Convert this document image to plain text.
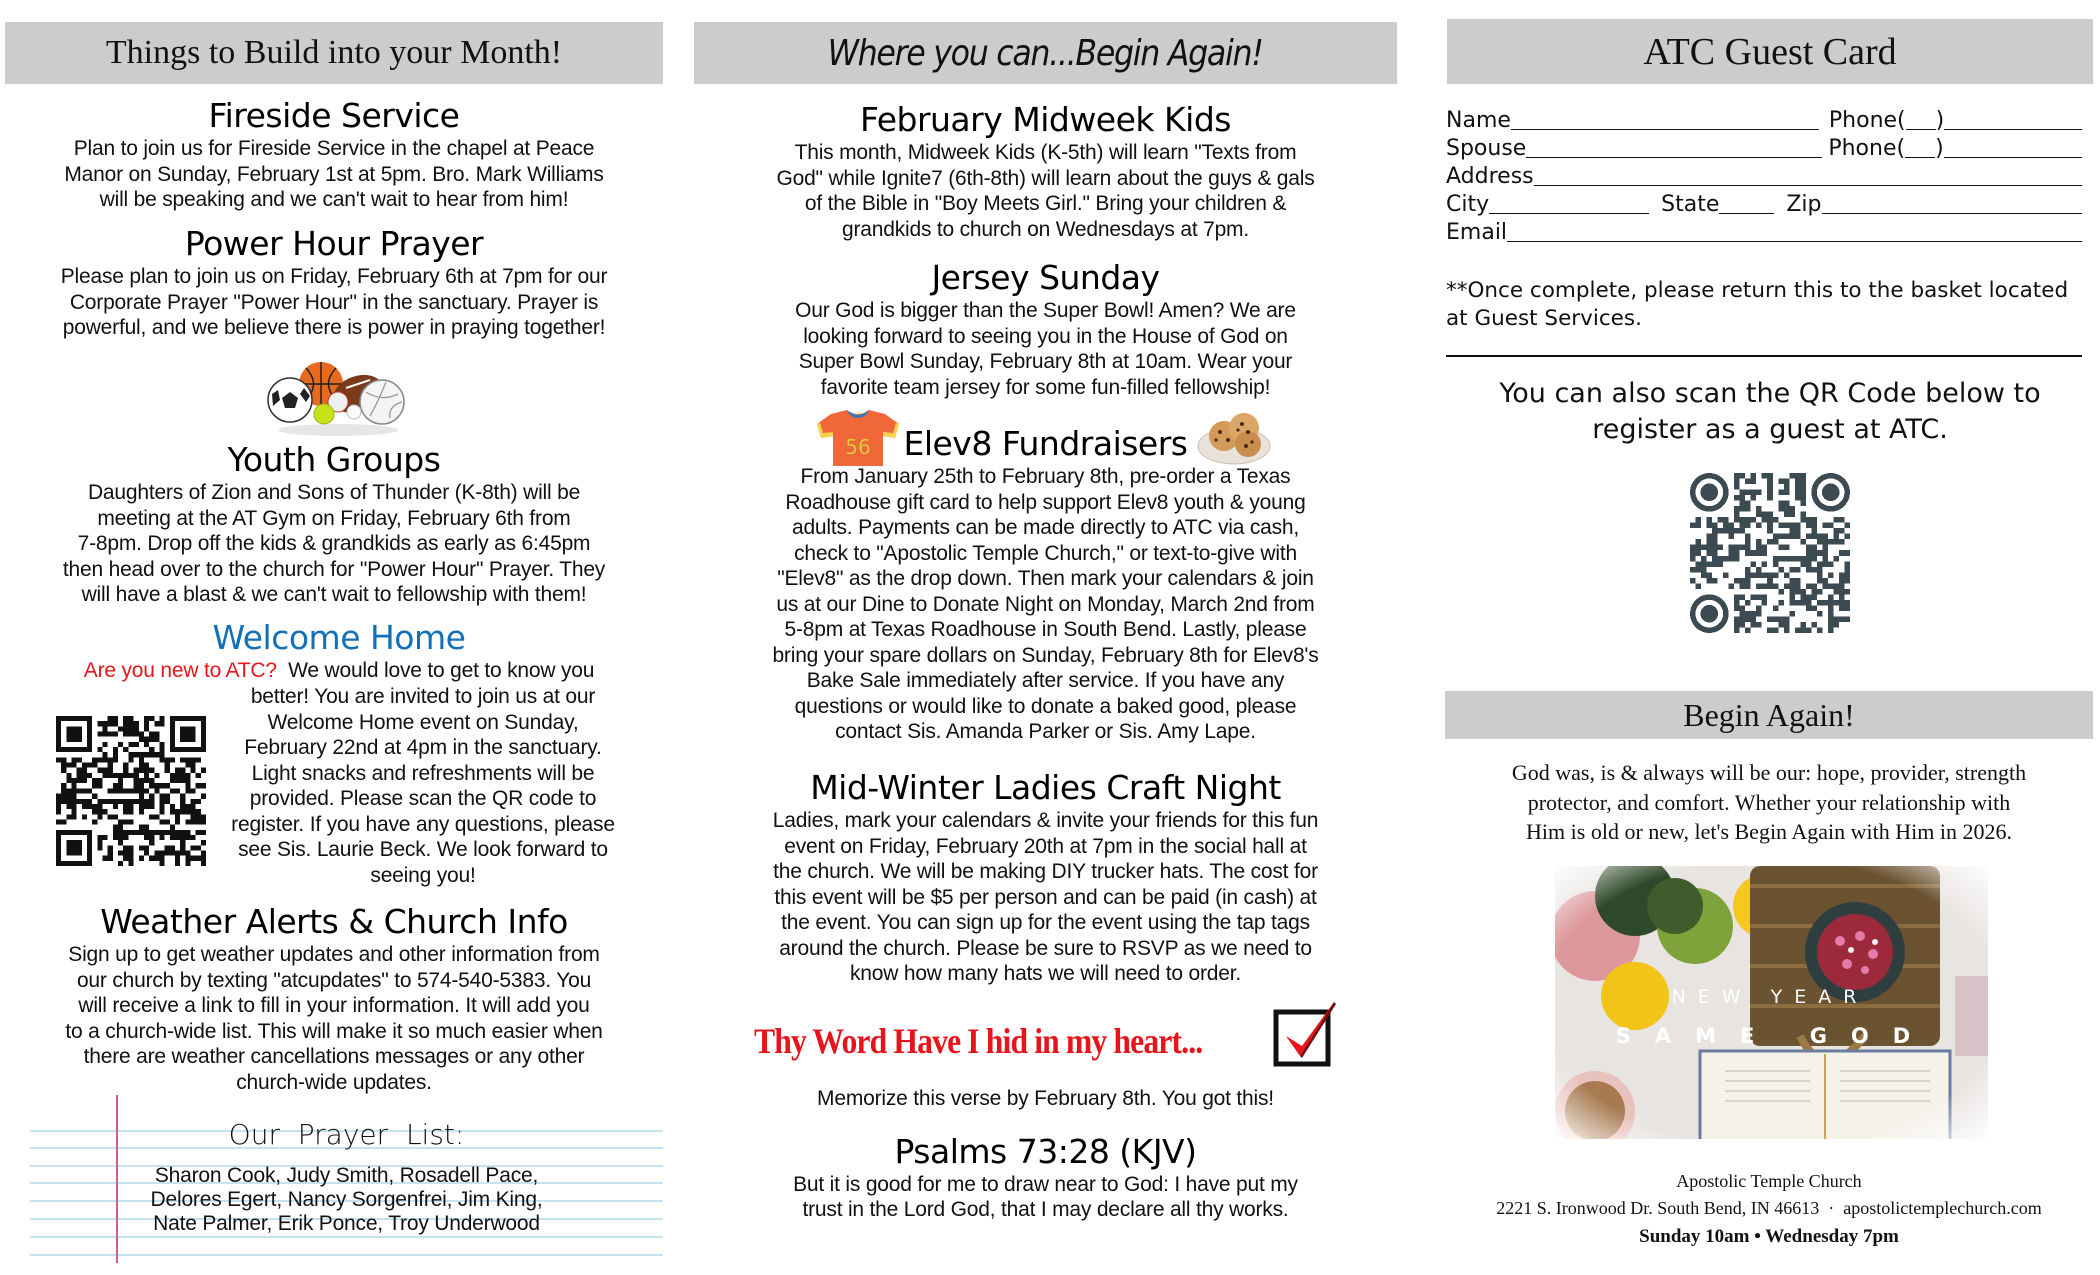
Things to Build into your Month!
Fireside Service

Plan to join us for Fireside Service in the chapel at Peace

Manor on Sunday, February 1st at 5pm. Bro. Mark Williams

will be speaking and we can't wait to hear from him!

Power Hour Prayer

Please plan to join us on Friday, February 6th at 7pm for our

Corporate Prayer "Power Hour" in the sanctuary. Prayer is

powerful, and we believe there is power in praying together!

Youth Groups

Daughters of Zion and Sons of Thunder (K-8th) will be

meeting at the AT Gym on Friday, February 6th from

7-8pm. Drop off the kids & grandkids as early as 6:45pm

then head over to the church for "Power Hour" Prayer. They

will have a blast & we can't wait to fellowship with them!

Welcome Home

Are you new to ATC?  We would love to get to know you

better! You are invited to join us at our

Welcome Home event on Sunday,

February 22nd at 4pm in the sanctuary.

Light snacks and refreshments will be

provided. Please scan the QR code to

register. If you have any questions, please

see Sis. Laurie Beck. We look forward to

seeing you!

Weather Alerts & Church Info

Sign up to get weather updates and other information from

our church by texting "atcupdates" to 574-540-5383. You

will receive a link to fill in your information. It will add you

to a church-wide list. This will make it so much easier when

there are weather cancellations messages or any other

church-wide updates.

Our  Prayer  List:

Sharon Cook, Judy Smith, Rosadell Pace,

Delores Egert, Nancy Sorgenfrei, Jim King,

Nate Palmer, Erik Ponce, Troy Underwood

Where you can...Begin Again!
February Midweek Kids

This month, Midweek Kids (K-5th) will learn "Texts from

God" while Ignite7 (6th-8th) will learn about the guys & gals

of the Bible in "Boy Meets Girl." Bring your children &

grandkids to church on Wednesdays at 7pm.

Jersey Sunday

Our God is bigger than the Super Bowl! Amen? We are

looking forward to seeing you in the House of God on

Super Bowl Sunday, February 8th at 10am. Wear your

favorite team jersey for some fun-filled fellowship!

56 Elev8 Fundraisers

From January 25th to February 8th, pre-order a Texas

Roadhouse gift card to help support Elev8 youth & young

adults. Payments can be made directly to ATC via cash,

check to "Apostolic Temple Church," or text-to-give with

"Elev8" as the drop down. Then mark your calendars & join

us at our Dine to Donate Night on Monday, March 2nd from

5-8pm at Texas Roadhouse in South Bend. Lastly, please

bring your spare dollars on Sunday, February 8th for Elev8's

Bake Sale immediately after service. If you have any

questions or would like to donate a baked good, please

contact Sis. Amanda Parker or Sis. Amy Lape.

Mid-Winter Ladies Craft Night

Ladies, mark your calendars & invite your friends for this fun

event on Friday, February 20th at 7pm in the social hall at

the church. We will be making DIY trucker hats. The cost for

this event will be $5 per person and can be paid (in cash) at

the event. You can sign up for the event using the tap tags

around the church. Please be sure to RSVP as we need to

know how many hats we will need to order.

Thy Word Have I hid in my heart...

Memorize this verse by February 8th. You got this!

Psalms 73:28 (KJV)

But it is good for me to draw near to God: I have put my

trust in the Lord God, that I may declare all thy works.

ATC Guest Card
Name	Phone( )
Spouse	Phone( )
Address
City	State	Zip
Email
**Once complete, please return this to the basket located at Guest Services.
You can also scan the QR Code below to
register as a guest at ATC.
Begin Again!
God was, is & always will be our: hope, provider, strength
protector, and comfort. Whether your relationship with
Him is old or new, let's Begin Again with Him in 2026.
Apostolic Temple Church
2221 S. Ironwood Dr. South Bend, IN 46613  ·  apostolictemplechurch.com
Sunday 10am • Wednesday 7pm
